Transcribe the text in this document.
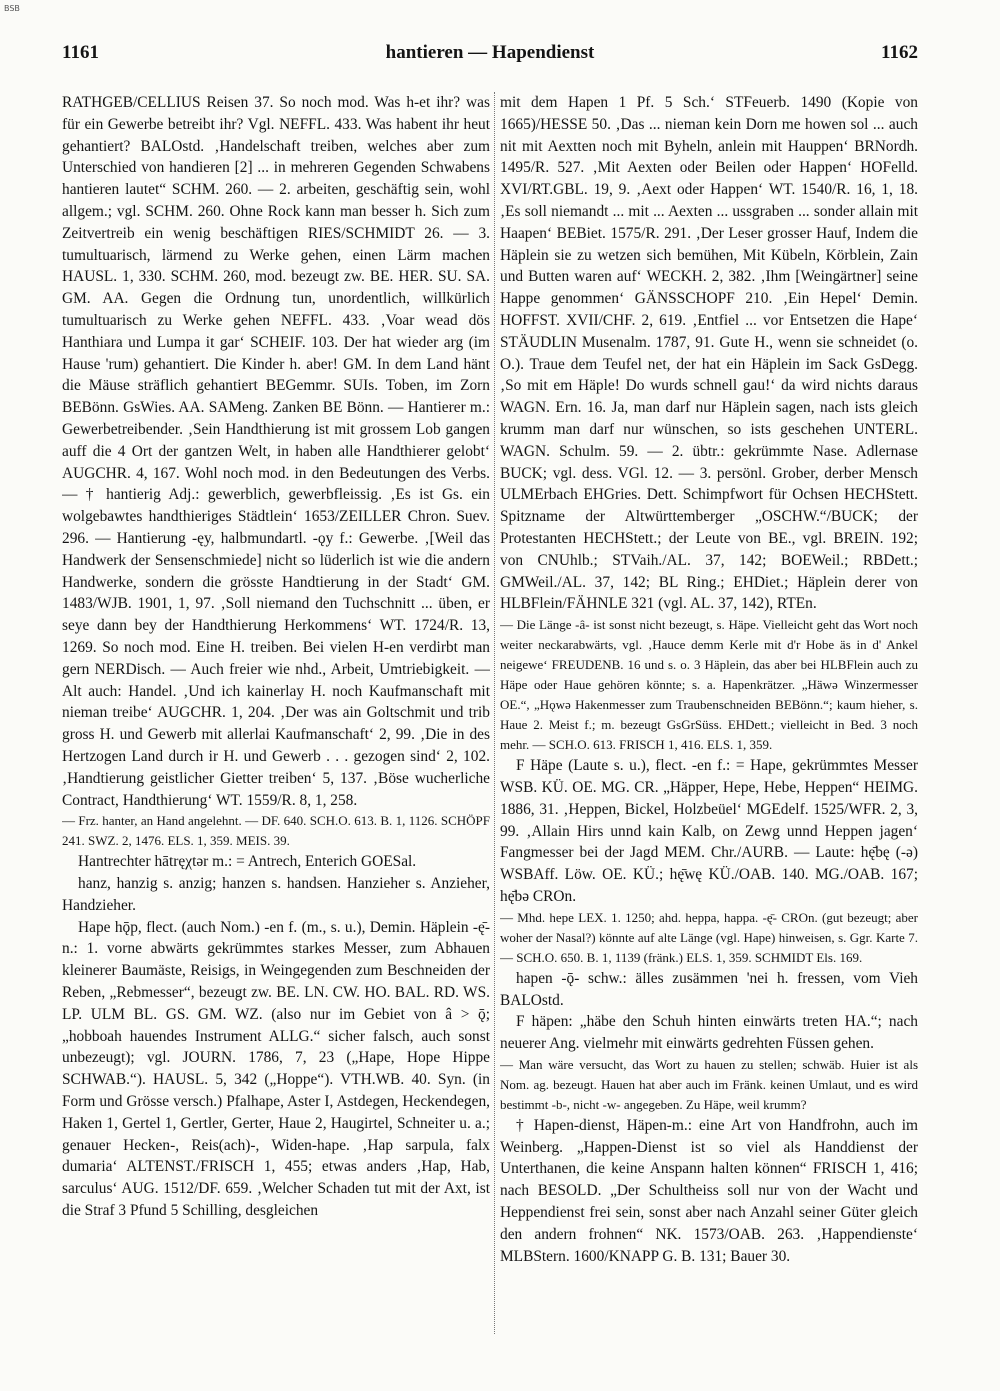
BSB
1161	hantieren — Hapendienst	1162

RATHGEB/CELLIUS Reisen 37. So noch mod. Was h-et ihr? was für ein Gewerbe betreibt ihr? Vgl. NEFFL. 433. Was habent ihr heut gehantiert? BALOstd. ‚Handelschaft treiben, welches aber zum Unterschied von handieren [2] ... in mehreren Gegenden Schwabens hantieren lautet“ SCHM. 260. — 2. arbeiten, geschäftig sein, wohl allgem.; vgl. SCHM. 260. Ohne Rock kann man besser h. Sich zum Zeitvertreib ein wenig beschäftigen RIES/SCHMIDT 26. — 3. tumultuarisch, lärmend zu Werke gehen, einen Lärm machen HAUSL. 1, 330. SCHM. 260, mod. bezeugt zw. BE. HER. SU. SA. GM. AA. Gegen die Ordnung tun, unordentlich, willkürlich tumultuarisch zu Werke gehen NEFFL. 433. ‚Voar wead dös Hanthiara und Lumpa it gar‘ SCHEIF. 103. Der hat wieder arg (im Hause 'rum) gehantiert. Die Kinder h. aber! GM. In dem Land hänt die Mäuse sträflich gehantiert BEGemmr. SUIs. Toben, im Zorn BEBönn. GsWies. AA. SAMeng. Zanken BE Bönn. — Hantierer m.: Gewerbetreibender. ‚Sein Handthierung ist mit grossem Lob gangen auff die 4 Ort der gantzen Welt, in haben alle Handthierer gelobt‘ AUGCHR. 4, 167. Wohl noch mod. in den Bedeutungen des Verbs. — † hantierig Adj.: gewerblich, gewerbfleissig. ‚Es ist Gs. ein wolgebawtes handthieriges Städtlein‘ 1653/ZEILLER Chron. Suev. 296. — Hantierung -ęy, halbmundartl. -ǫy f.: Gewerbe. ‚[Weil das Handwerk der Sensenschmiede] nicht so lüderlich ist wie die andern Handwerke, sondern die grösste Handtierung in der Stadt‘ GM. 1483/WJB. 1901, 1, 97. ‚Soll niemand den Tuchschnitt ... üben, er seye dann bey der Handthierung Herkommens‘ WT. 1724/R. 13, 1269. So noch mod. Eine H. treiben. Bei vielen H-en verdirbt man gern NERDisch. — Auch freier wie nhd., Arbeit, Umtriebigkeit. — Alt auch: Handel. ‚Und ich kainerlay H. noch Kaufmanschaft mit nieman treibe‘ AUGCHR. 1, 204. ‚Der was ain Goltschmit und trib gross H. und Gewerb mit allerlai Kaufmanschaft‘ 2, 99. ‚Die in des Hertzogen Land durch ir H. und Gewerb . . . gezogen sind‘ 2, 102. ‚Handtierung geistlicher Gietter treiben‘ 5, 137. ‚Böse wucherliche Contract, Handthierung‘ WT. 1559/R. 8, 1, 258.

— Frz. hanter, an Hand angelehnt. — DF. 640. SCH.O. 613. B. 1, 1126. SCHÖPF 241. SWZ. 2, 1476. ELS. 1, 359. MEIS. 39.

Hantrechter hātręχtər m.: = Antrech, Enterich GOESal.

hanz, hanzig s. anzig; hanzen s. handsen. Hanzieher s. Anzieher, Handzieher.

Hape hǭp, flect. (auch Nom.) -en f. (m., s. u.), Demin. Häplein -ę̄- n.: 1. vorne abwärts gekrümmtes starkes Messer, zum Abhauen kleinerer Baumäste, Reisigs, in Weingegenden zum Beschneiden der Reben, „Rebmesser“, bezeugt zw. BE. LN. CW. HO. BAL. RD. WS. LP. ULM BL. GS. GM. WZ. (also nur im Gebiet von â > ǭ; „hobboah hauendes Instrument ALLG.“ sicher falsch, auch sonst unbezeugt); vgl. JOURN. 1786, 7, 23 („Hape, Hope Hippe SCHWAB.“). HAUSL. 5, 342 („Hoppe“). VTH.WB. 40. Syn. (in Form und Grösse versch.) Pfalhape, Aster I, Astdegen, Heckendegen, Haken 1, Gertel 1, Gertler, Gerter, Haue 2, Haugirtel, Schneiter u. a.; genauer Hecken-, Reis(ach)-, Widen-hape. ‚Hap sarpula, falx dumaria‘ ALTENST./FRISCH 1, 455; etwas anders ‚Hap, Hab, sarculus‘ AUG. 1512/DF. 659. ‚Welcher Schaden tut mit der Axt, ist die Straf 3 Pfund 5 Schilling, desgleichen

mit dem Hapen 1 Pf. 5 Sch.‘ STFeuerb. 1490 (Kopie von 1665)/HESSE 50. ‚Das ... nieman kein Dorn me howen sol ... auch nit mit Aextten noch mit Byheln, anlein mit Hauppen‘ BRNordh. 1495/R. 527. ‚Mit Aexten oder Beilen oder Happen‘ HOFelld. XVI/RT.GBL. 19, 9. ‚Aext oder Happen‘ WT. 1540/R. 16, 1, 18. ‚Es soll niemandt ... mit ... Aexten ... ussgraben ... sonder allain mit Haapen‘ BEBiet. 1575/R. 291. ‚Der Leser grosser Hauf, Indem die Häplein sie zu wetzen sich bemühen, Mit Kübeln, Körblein, Zain und Butten waren auf‘ WECKH. 2, 382. ‚Ihm [Weingärtner] seine Happe genommen‘ GÄNSSCHOPF 210. ‚Ein Hepel‘ Demin. HOFFST. XVII/CHF. 2, 619. ‚Entfiel ... vor Entsetzen die Hape‘ STÄUDLIN Musenalm. 1787, 91. Gute H., wenn sie schneidet (o. O.). Traue dem Teufel net, der hat ein Häplein im Sack GsDegg. ‚So mit em Häple! Do wurds schnell gau!‘ da wird nichts daraus WAGN. Ern. 16. Ja, man darf nur Häplein sagen, nach ists gleich krumm man darf nur wünschen, so ists geschehen UNTERL. WAGN. Schulm. 59. — 2. übtr.: gekrümmte Nase. Adlernase BUCK; vgl. dess. VGl. 12. — 3. persönl. Grober, derber Mensch ULMErbach EHGries. Dett. Schimpfwort für Ochsen HECHStett. Spitzname der Altwürttemberger „OSCHW.“/BUCK; der Protestanten HECHStett.; der Leute von BE., vgl. BREIN. 192; von CNUhlb.; STVaih./AL. 37, 142; BOEWeil.; RBDett.; GMWeil./AL. 37, 142; BL Ring.; EHDiet.; Häplein derer von HLBFlein/FÄHNLE 321 (vgl. AL. 37, 142), RTEn.

— Die Länge -â- ist sonst nicht bezeugt, s. Häpe. Vielleicht geht das Wort noch weiter neckarabwärts, vgl. ‚Hauce demm Kerle mit d'r Hobe äs in d' Ankel neigewe‘ FREUDENB. 16 und s. o. 3 Häplein, das aber bei HLBFlein auch zu Häpe oder Haue gehören könnte; s. a. Hapenkrätzer. „Häwə Winzermesser OE.“, „Hǫwə Hakenmesser zum Traubenschneiden BEBönn.“; kaum hieher, s. Haue 2. Meist f.; m. bezeugt GsGrSüss. EHDett.; vielleicht in Bed. 3 noch mehr. — SCH.O. 613. FRISCH 1, 416. ELS. 1, 359.

F Häpe (Laute s. u.), flect. -en f.: = Hape, gekrümmtes Messer WSB. KÜ. OE. MG. CR. „Häpper, Hepe, Hebe, Heppen“ HEIMG. 1886, 31. ‚Heppen, Bickel, Holzbeüel‘ MGEdelf. 1525/WFR. 2, 3, 99. ‚Allain Hirs unnd kain Kalb, on Zewg unnd Heppen jagen‘ Fangmesser bei der Jagd MEM. Chr./AURB. — Laute: hę̄bę (-ə) WSBAff. Löw. OE. KÜ.; hę̄wę KÜ./OAB. 140. MG./OAB. 167; hę̄bə CROn.

— Mhd. hepe LEX. 1. 1250; ahd. heppa, happa. -ę̄- CROn. (gut bezeugt; aber woher der Nasal?) könnte auf alte Länge (vgl. Hape) hinweisen, s. Ggr. Karte 7. — SCH.O. 650. B. 1, 1139 (fränk.) ELS. 1, 359. SCHMIDT Els. 169.

hapen -ǭ- schw.: älles zusämmen 'nei h. fressen, vom Vieh BALOstd.

F häpen: „häbe den Schuh hinten einwärts treten HA.“; nach neuerer Ang. vielmehr mit einwärts gedrehten Füssen gehen.

— Man wäre versucht, das Wort zu hauen zu stellen; schwäb. Huier ist als Nom. ag. bezeugt. Hauen hat aber auch im Fränk. keinen Umlaut, und es wird bestimmt -b-, nicht -w- angegeben. Zu Häpe, weil krumm?

† Hapen-dienst, Häpen-m.: eine Art von Handfrohn, auch im Weinberg. „Happen-Dienst ist so viel als Handdienst der Unterthanen, die keine Anspann halten können“ FRISCH 1, 416; nach BESOLD. „Der Schultheiss soll nur von der Wacht und Heppendienst frei sein, sonst aber nach Anzahl seiner Güter gleich den andern frohnen“ NK. 1573/OAB. 263. ‚Happendienste‘ MLBStern. 1600/KNAPP G. B. 131; Bauer 30.
